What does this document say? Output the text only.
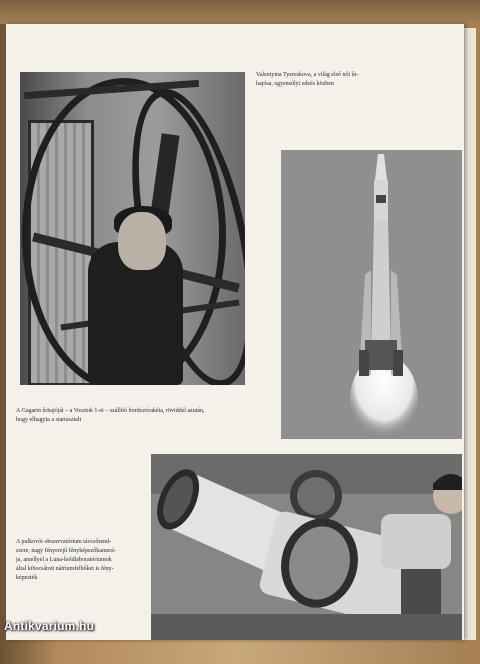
Valentyina Tyereskova, a világ első női űr-
hajósa, egyensúlyi edzés közben

A Gagarin űrhajóját – a Vosztok 1-et – szállító hordozórakéta, röviddel azután,
hogy elhagyta a startasztalt

A pulkovói obszervatórium távcsőrend-
szere, nagy fényerejű fényképezőkamerá-
ja, amellyel a Luna-holdlaboratóriumok
által kibocsátott nátriumfelhőket is fény-
képezték

Antikvarium.hu
